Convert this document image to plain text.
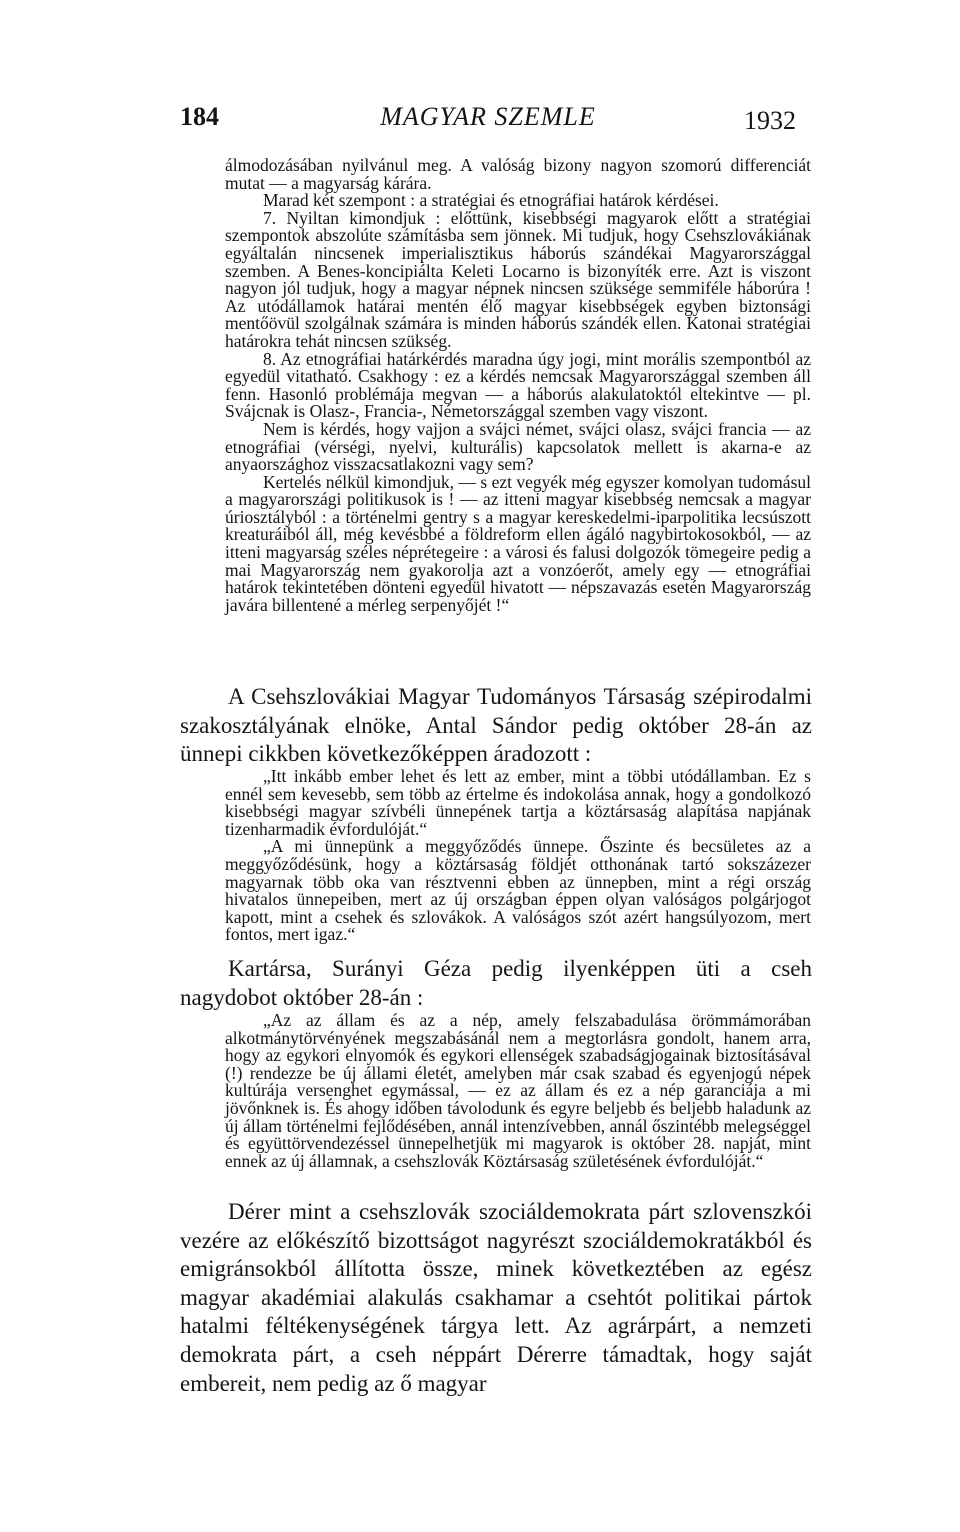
184	MAGYAR SZEMLE	1932

álmodozásában nyilvánul meg. A valóság bizony nagyon szomorú differenciát mutat — a magyarság kárára.

Marad két szempont : a stratégiai és etnográfiai határok kérdései.

7. Nyiltan kimondjuk : előttünk, kisebbségi magyarok előtt a stratégiai szempontok abszolúte számításba sem jönnek. Mi tudjuk, hogy Csehszlovákiának egyáltalán nincsenek imperialisztikus háborús szándékai Magyarországgal szemben. A Benes-koncipiálta Keleti Locarno is bizonyíték erre. Azt is viszont nagyon jól tudjuk, hogy a magyar népnek nincsen szüksége semmiféle háborúra ! Az utódállamok határai mentén élő magyar kisebbségek egyben biztonsági mentőövül szolgálnak számára is minden háborús szándék ellen. Katonai stratégiai határokra tehát nincsen szükség.

8. Az etnográfiai határkérdés maradna úgy jogi, mint morális szempontból az egyedül vitatható. Csakhogy : ez a kérdés nemcsak Magyarországgal szemben áll fenn. Hasonló problémája megvan — a háborús alakulatoktól eltekintve — pl. Svájcnak is Olasz-, Francia-, Németországgal szemben vagy viszont.

Nem is kérdés, hogy vajjon a svájci német, svájci olasz, svájci francia — az etnográfiai (vérségi, nyelvi, kulturális) kapcsolatok mellett is akarna-e az anyaországhoz visszacsatlakozni vagy sem?

Kertelés nélkül kimondjuk, — s ezt vegyék még egyszer komolyan tudomásul a magyarországi politikusok is ! — az itteni magyar kisebbség nemcsak a magyar úriosztályból : a történelmi gentry s a magyar kereskedelmi-iparpolitika lecsúszott kreaturáiból áll, még kevésbbé a földreform ellen ágáló nagybirtokosokból, — az itteni magyarság széles néprétegeire : a városi és falusi dolgozók tömegeire pedig a mai Magyarország nem gyakorolja azt a vonzóerőt, amely egy — etnográfiai határok tekintetében dönteni egyedül hivatott — népszavazás esetén Magyarország javára billentené a mérleg serpenyőjét !“

A Csehszlovákiai Magyar Tudományos Társaság szépirodalmi szakosztályának elnöke, Antal Sándor pedig október 28-án az ünnepi cikkben következőképpen áradozott :

„Itt inkább ember lehet és lett az ember, mint a többi utódállamban. Ez s ennél sem kevesebb, sem több az értelme és indokolása annak, hogy a gondolkozó kisebbségi magyar szívbéli ünnepének tartja a köztársaság alapítása napjának tizenharmadik évfordulóját.“

„A mi ünnepünk a meggyőződés ünnepe. Őszinte és becsületes az a meggyőződésünk, hogy a köztársaság földjét otthonának tartó sokszázezer magyarnak több oka van résztvenni ebben az ünnepben, mint a régi ország hivatalos ünnepeiben, mert az új országban éppen olyan valóságos polgárjogot kapott, mint a csehek és szlovákok. A valóságos szót azért hangsúlyozom, mert fontos, mert igaz.“

Kartársa, Surányi Géza pedig ilyenképpen üti a cseh nagydobot október 28-án :

„Az az állam és az a nép, amely felszabadulása örömmámorában alkotmánytörvényének megszabásánál nem a megtorlásra gondolt, hanem arra, hogy az egykori elnyomók és egykori ellenségek szabadságjogainak biztosításával (!) rendezze be új állami életét, amelyben már csak szabad és egyenjogú népek kultúrája versenghet egymással, — ez az állam és ez a nép garanciája a mi jövőnknek is. És ahogy időben távolodunk és egyre beljebb és beljebb haladunk az új állam történelmi fejlődésében, annál intenzívebben, annál őszintébb melegséggel és együttörvendezéssel ünnepelhetjük mi magyarok is október 28. napját, mint ennek az új államnak, a csehszlovák Köztársaság születésének évfordulóját.“

Dérer mint a csehszlovák szociáldemokrata párt szlovenszkói vezére az előkészítő bizottságot nagyrészt szociáldemokratákból és emigránsokból állította össze, minek következtében az egész magyar akadémiai alakulás csakhamar a csehtót politikai pártok hatalmi féltékenységének tárgya lett. Az agrárpárt, a nemzeti demokrata párt, a cseh néppárt Dérerre támadtak, hogy saját embereit, nem pedig az ő magyar
